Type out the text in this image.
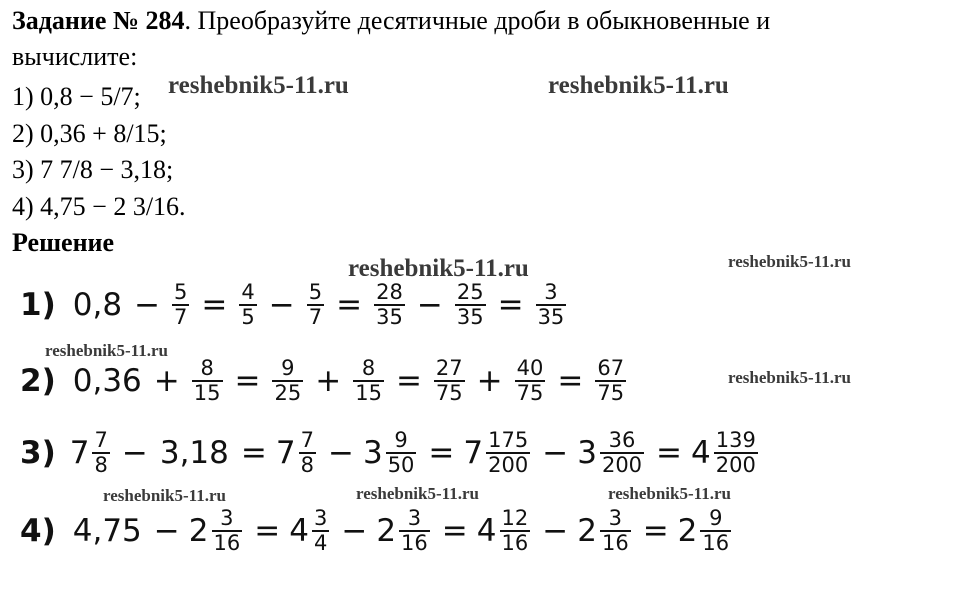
Задание № 284. Преобразуйте десятичные дроби в обыкновенные и
вычислите:
1) 0,8 − 5/7;
2) 0,36 + 8/15;
3) 7 7/8 − 3,18;
4) 4,75 − 2 3/16.
Решение
reshebnik5-11.ru	reshebnik5-11.ru
reshebnik5-11.ru	reshebnik5-11.ru
reshebnik5-11.ru
reshebnik5-11.ru
reshebnik5-11.ru	reshebnik5-11.ru	reshebnik5-11.ru
1) $0,8 - \frac{5}{7} = \frac{4}{5} - \frac{5}{7} = \frac{28}{35} - \frac{25}{35} = \frac{3}{35}$
2) $0,36 + \frac{8}{15} = \frac{9}{25} + \frac{8}{15} = \frac{27}{75} + \frac{40}{75} = \frac{67}{75}$
3) $7 \frac{7}{8} - 3,18 = 7 \frac{7}{8} - 3 \frac{9}{50} = 7 \frac{175}{200} - 3 \frac{36}{200} = 4 \frac{139}{200}$
4) $4,75 - 2 \frac{3}{16} = 4 \frac{3}{4} - 2 \frac{3}{16} = 4 \frac{12}{16} - 2 \frac{3}{16} = 2 \frac{9}{16}$
